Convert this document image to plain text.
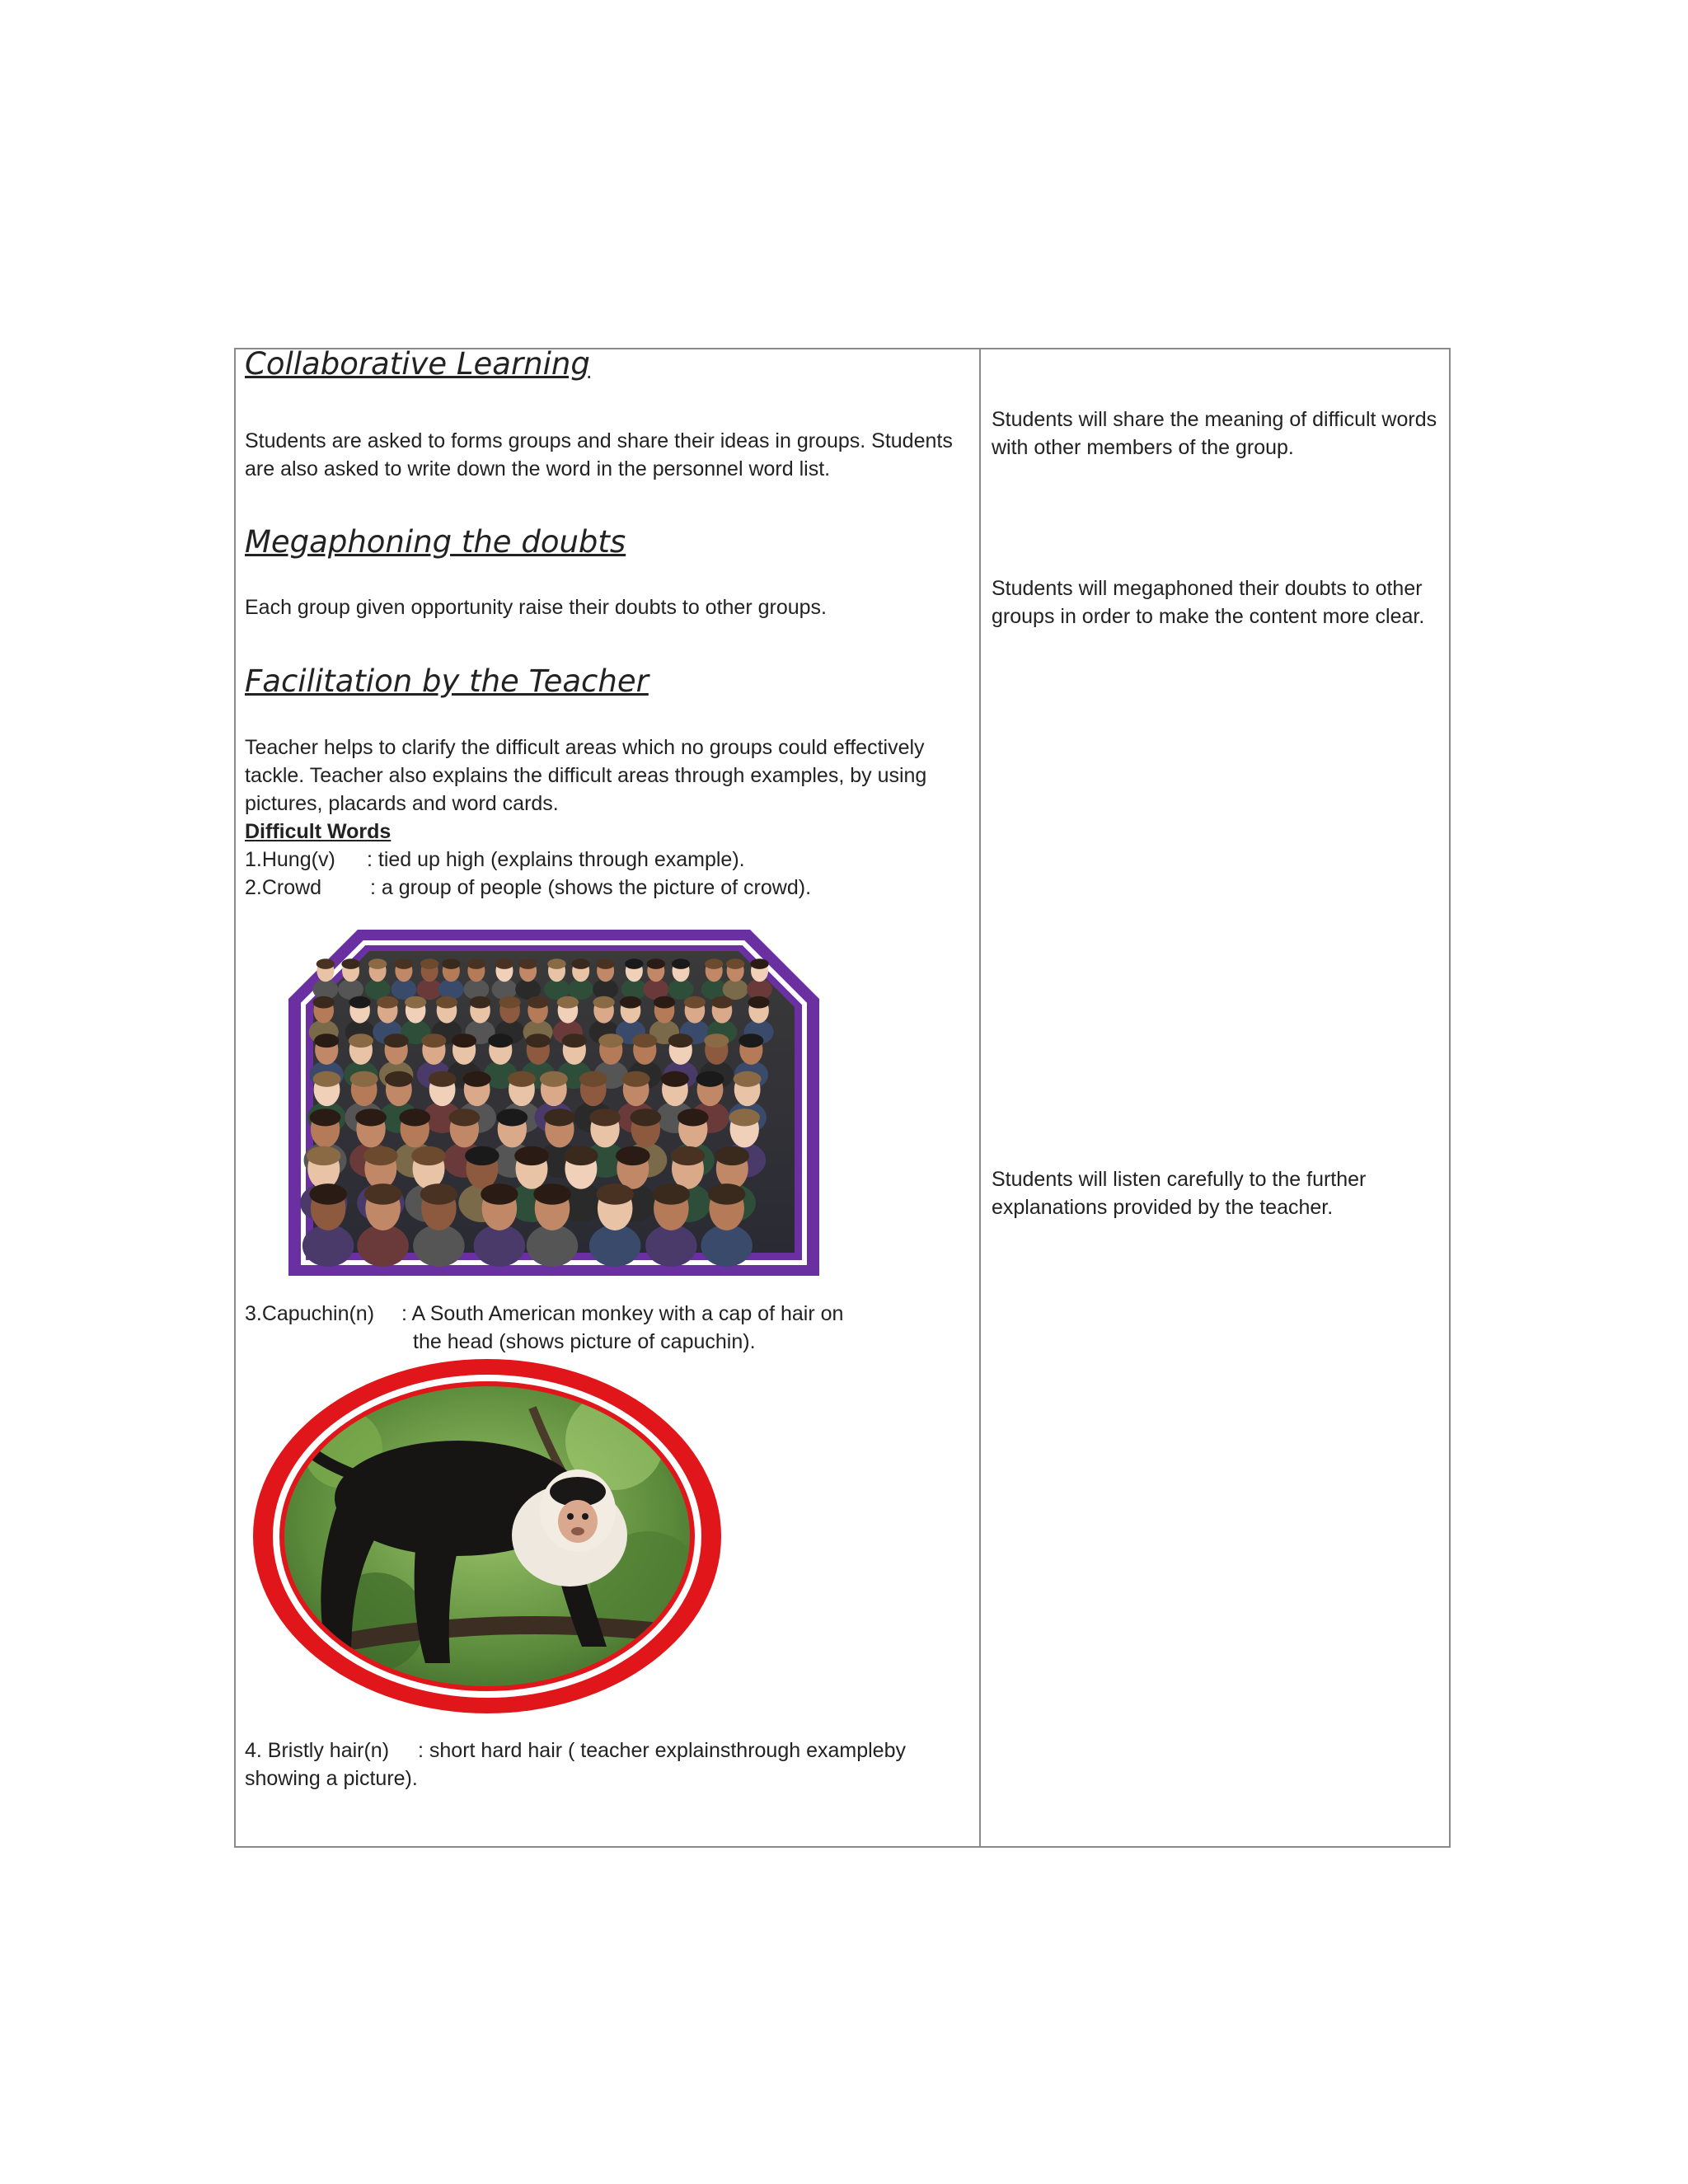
Collaborative Learning
Students are asked to forms groups and share their ideas in groups. Students are also asked to write down the word in the personnel word list.
Megaphoning the doubts
Each group given opportunity raise their doubts to other groups.
Facilitation by the Teacher
Teacher helps to clarify the difficult areas which no groups could effectively tackle. Teacher also explains the difficult areas through examples, by using pictures, placards and word cards.
Difficult Words
1.Hung(v) : tied up high (explains through example).
2.Crowd : a group of people (shows the picture of crowd).
3.Capuchin(n) : A South American monkey with a cap of hair on
the head (shows picture of capuchin).
4. Bristly hair(n) : short hard hair ( teacher explainsthrough exampleby
showing a picture).
Students will share the meaning of difficult words with other members of the group.
Students will megaphoned their doubts to other groups in order to make the content more clear.
Students will listen carefully to the further explanations provided by the teacher.
